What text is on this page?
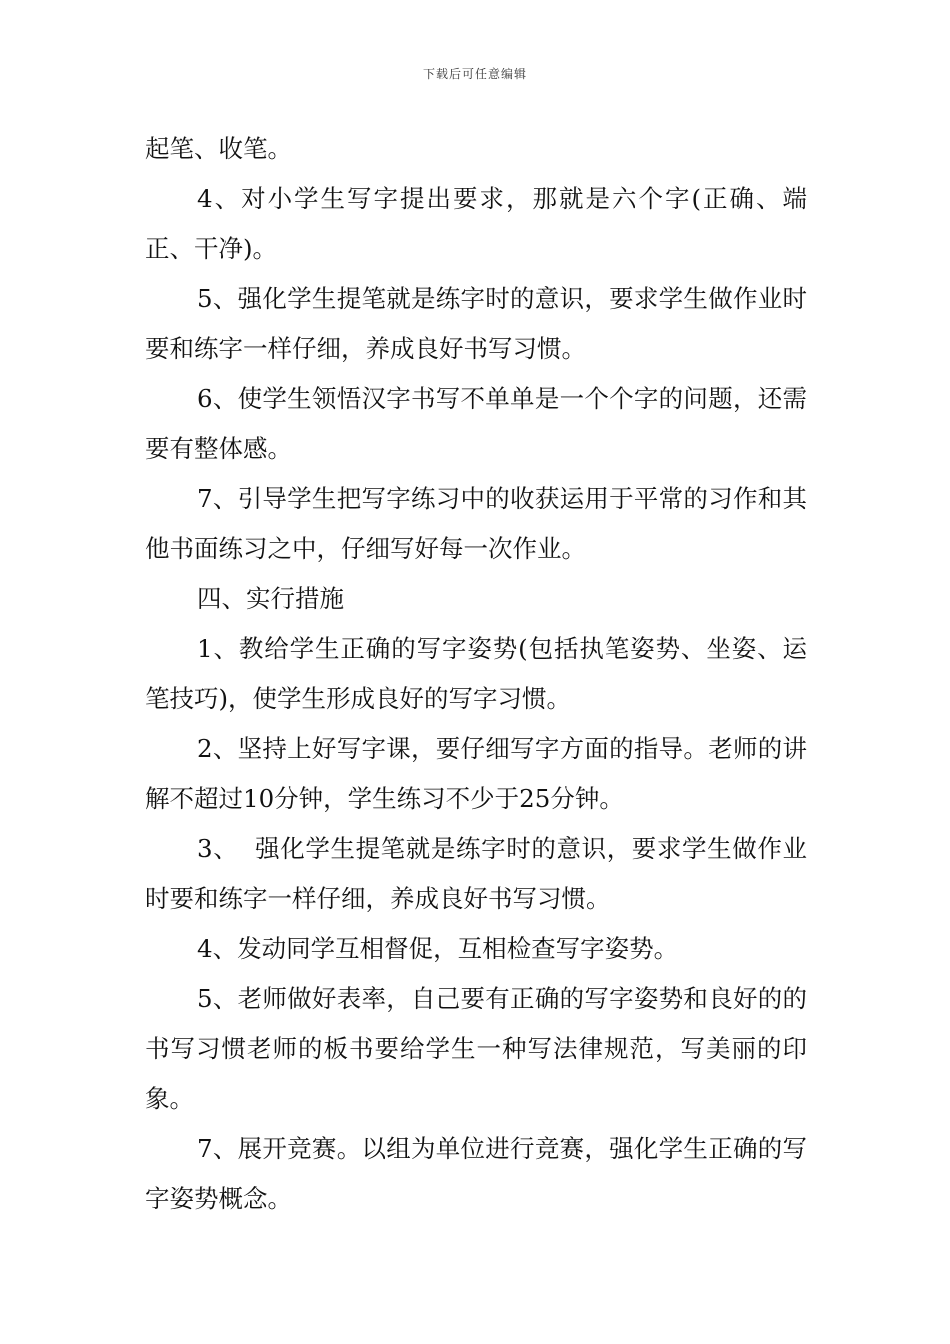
下载后可任意编辑

起笔、收笔。

4、对小学生写字提出要求，那就是六个字(正确、端正、干净)。

5、强化学生提笔就是练字时的意识，要求学生做作业时要和练字一样仔细，养成良好书写习惯。

6、使学生领悟汉字书写不单单是一个个字的问题，还需要有整体感。

7、引导学生把写字练习中的收获运用于平常的习作和其他书面练习之中，仔细写好每一次作业。

四、实行措施

1、教给学生正确的写字姿势(包括执笔姿势、坐姿、运笔技巧)，使学生形成良好的写字习惯。

2、坚持上好写字课，要仔细写字方面的指导。老师的讲解不超过10分钟，学生练习不少于25分钟。

3、  强化学生提笔就是练字时的意识，要求学生做作业时要和练字一样仔细，养成良好书写习惯。

4、发动同学互相督促，互相检查写字姿势。

5、老师做好表率，自己要有正确的写字姿势和良好的的书写习惯老师的板书要给学生一种写法律规范，写美丽的印象。

7、展开竞赛。以组为单位进行竞赛，强化学生正确的写字姿势概念。
